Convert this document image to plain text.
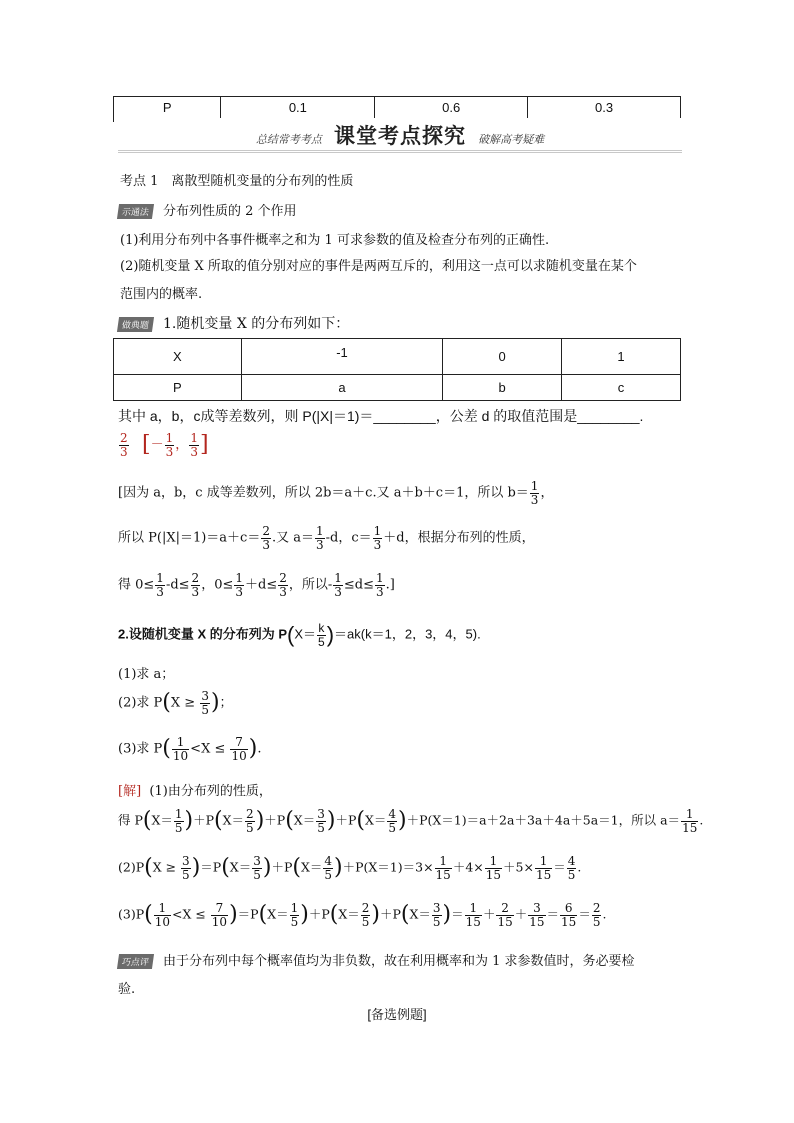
P	0.1	0.6	0.3
总结常考考点 课堂考点探究 破解高考疑难
考点 1　离散型随机变量的分布列的性质
示通法 分布列性质的 2 个作用
(1)利用分布列中各事件概率之和为 1 可求参数的值及检查分布列的正确性.
(2)随机变量 X 所取的值分别对应的事件是两两互斥的，利用这一点可以求随机变量在某个
范围内的概率.
做典题 1.随机变量 X 的分布列如下：
X	-1	0	1
P	a	b	c
其中 a，b，c成等差数列，则 P(|X|＝1)＝________，公差 d 的取值范围是________.
$\frac{2}{3}$ [－ $\frac{1}{3}$ ， $\frac{1}{3}$ ]
[因为 a，b，c 成等差数列，所以 2b＝a＋c.又 a＋b＋c＝1，所以 $b= \frac{1}{3}$ ，
所以 $P(|X|=1)=a+c= \frac{2}{3}$ .又 $a= \frac{1}{3} -d$，$c= \frac{1}{3} +d$，根据分布列的性质，
得 $0\le \frac{1}{3} -d\le \frac{2}{3}$ ，$0\le \frac{1}{3} +d\le \frac{2}{3}$ ，所以- $\frac{1}{3} \le d\le \frac{1}{3}$ .]
2.设随机变量 X 的分布列为 $P(X= \frac{k}{5} )=ak(k=1$，2，3，4，5).
(1)求 a；
(2)求 $P(X \ge \frac{3}{5}$ )；
(3)求 $P( \frac{1}{10} <X \le \frac{7}{10}$ ).
[解] (1)由分布列的性质，
得 $P(X= \frac{1}{5} )+P(X= \frac{2}{5} )+P(X= \frac{3}{5} )+P(X= \frac{4}{5} )+P(X=1)=a+2a+3a+4a+5a=1$，所以 $a= \frac{1}{15}$ .
$(2)P(X \ge \frac{3}{5} )=P(X= \frac{3}{5} )+P(X= \frac{4}{5} )+P(X=1)=3\times \frac{1}{15} +4\times \frac{1}{15} +5\times \frac{1}{15} = \frac{4}{5}$ .
$(3)P( \frac{1}{10} <X \le \frac{7}{10} )=P(X= \frac{1}{5} )+P(X= \frac{2}{5} )+P(X= \frac{3}{5}$ )＝ $\frac{1}{15} + \frac{2}{15} + \frac{3}{15} = \frac{6}{15} = \frac{2}{5}$ .
巧点评 由于分布列中每个概率值均为非负数，故在利用概率和为 1 求参数值时，务必要检
验.
[备选例题]
